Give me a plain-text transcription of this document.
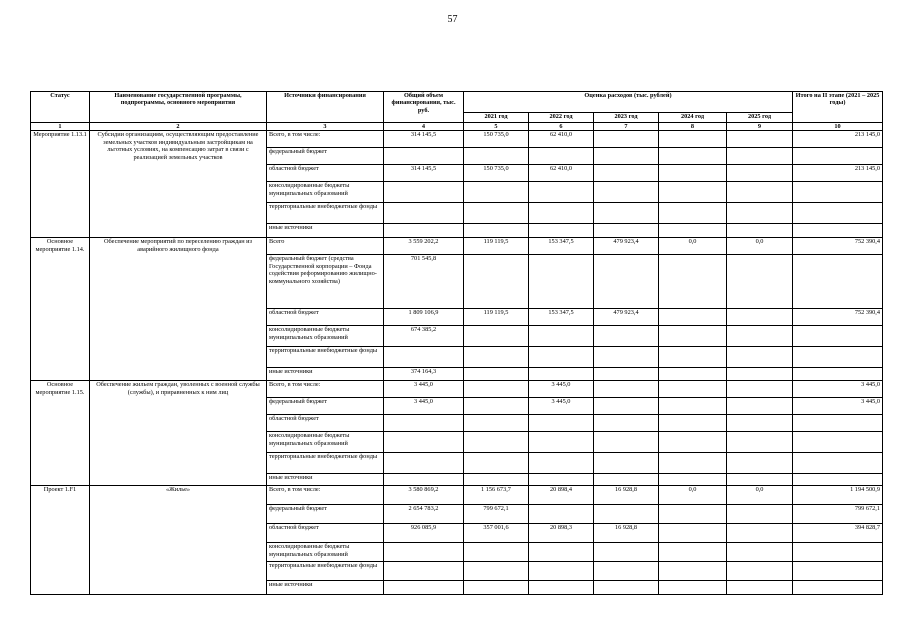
57
Статус	Наименование государственной программы, подпрограммы, основного мероприятия	Источники финансирования	Общий объем финансирования, тыс. руб.	Оценка расходов (тыс. рублей)					Итого на II этапе (2021 – 2025 годы)
				2021 год	2022 год	2023 год	2024 год	2025 год	
1	2	3	4	5	6	7	8	9	10
Мероприятие 1.13.1	Субсидии организациям, осуществляющим предоставление земельных участков индивидуальным застройщикам на льготных условиях, на компенсацию затрат в связи с реализацией земельных участков	Всего, в том числе:	314 145,5	150 735,0	62 410,0				213 145,0
		федеральный бюджет							
		областной бюджет	314 145,5	150 735,0	62 410,0				213 145,0
		консолидированные бюджеты муниципальных образований							
		территориальные внебюджетные фонды							
		иные источники							
Основное мероприятие 1.14.	Обеспечение мероприятий по переселению граждан из аварийного жилищного фонда	Всего	3 559 202,2	119 119,5	153 347,5	479 923,4	0,0	0,0	752 390,4
		федеральный бюджет (средства Государственной корпорации – Фонда содействия реформированию жилищно-коммунального хозяйства)	701 545,8						
		областной бюджет	1 809 106,9	119 119,5	153 347,5	479 923,4			752 390,4
		консолидированные бюджеты муниципальных образований	674 385,2						
		территориальные внебюджетные фонды							
		иные источники	374 164,3						
Основное мероприятие 1.15.	Обеспечение жильем граждан, уволенных с военной службы (службы), и приравненных к ним лиц	Всего, в том числе:	3 445,0		3 445,0				3 445,0
		федеральный бюджет	3 445,0		3 445,0				3 445,0
		областной бюджет							
		консолидированные бюджеты муниципальных образований							
		территориальные внебюджетные фонды							
		иные источники							
Проект 1.F1	«Жилье»	Всего, в том числе:	3 580 869,2	1 156 673,7	20 898,4	16 928,8	0,0	0,0	1 194 500,9
		федеральный бюджет	2 654 783,2	799 672,1					799 672,1
		областной бюджет	926 085,9	357 001,6	20 898,3	16 928,8			394 828,7
		консолидированные бюджеты муниципальных образований							
		территориальные внебюджетные фонды							
		иные источники							
